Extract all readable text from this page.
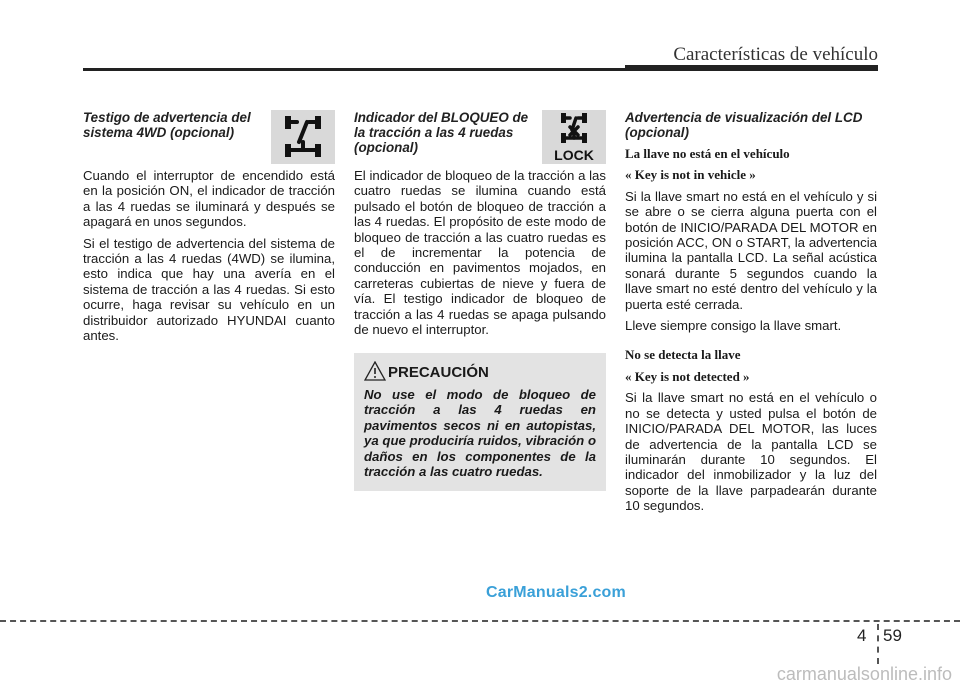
Características de vehículo
Testigo de advertencia del sistema 4WD (opcional)

Cuando el interruptor de encendido está en la posición ON, el indicador de tracción a las 4 ruedas se iluminará y después se apagará en unos segundos.

Si el testigo de advertencia del sistema de tracción a las 4 ruedas (4WD) se ilumina, esto indica que hay una avería en el sistema de tracción a las 4 ruedas. Si esto ocurre, haga revisar su vehículo en un distribuidor autorizado HYUNDAI cuanto antes.

Indicador del BLOQUEO de la tracción a las 4 ruedas (opcional)	LOCK

El indicador de bloqueo de la tracción a las cuatro ruedas se ilumina cuando está pulsado el botón de bloqueo de tracción a las 4 ruedas. El propósito de este modo de bloqueo de tracción a las cuatro ruedas es el de incrementar la potencia de conducción en pavimentos mojados, en carreteras cubiertas de nieve y fuera de vía. El testigo indicador de bloqueo de tracción a las 4 ruedas se apaga pulsando de nuevo el interruptor.

PRECAUCIÓN
No use el modo de bloqueo de tracción a las 4 ruedas en pavimentos secos ni en autopistas, ya que produciría ruidos, vibración o daños en los componentes de la tracción a las cuatro ruedas.
Advertencia de visualización del LCD (opcional)
La llave no está en el vehículo
« Key is not in vehicle »

Si la llave smart no está en el vehículo y si se abre o se cierra alguna puerta con el botón de INICIO/PARADA DEL MOTOR en posición ACC, ON o START, la advertencia ilumina la pantalla LCD. La señal acústica sonará durante 5 segundos cuando la llave smart no esté dentro del vehículo y la puerta esté cerrada.

Lleve siempre consigo la llave smart.

No se detecta la llave
« Key is not detected »

Si la llave smart no está en el vehículo o no se detecta y usted pulsa el botón de INICIO/PARADA DEL MOTOR, las luces de advertencia de la pantalla LCD se iluminarán durante 10 segundos. El indicador del inmobilizador y la luz del soporte de la llave parpadearán durante 10 segundos.

CarManuals2.com
4 59
carmanualsonline.info
